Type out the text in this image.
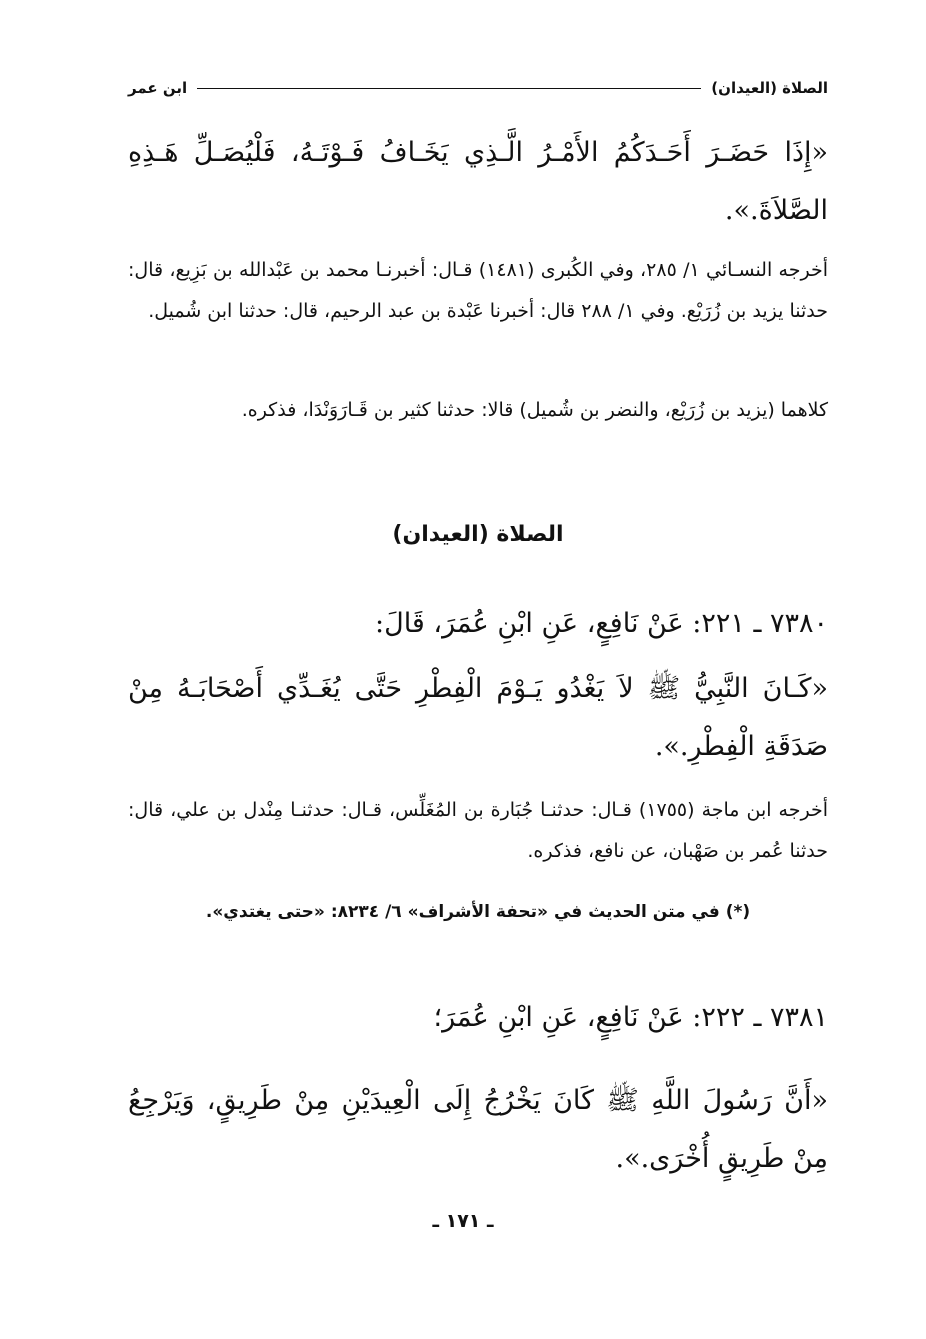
الصلاة (العيدان)
ابن عمر
«إِذَا حَضَـرَ أَحَـدَكُمُ الأَمْـرُ الَّـذِي يَخَـافُ فَـوْتَـهُ، فَلْيُصَـلِّ هَـذِهِ الصَّلاَةَ.».
أخرجه النسـائي ١/ ٢٨٥، وفي الكُبرى (١٤٨١) قـال: أخبرنـا محمد بن عَبْدالله بن بَزِيع، قال: حدثنا يزيد بن زُرَيْع. وفي ١/ ٢٨٨ قال: أخبرنا عَبْدة بن عبد الرحيم، قال: حدثنا ابن شُميل.
كلاهما (يزيد بن زُرَيْع، والنضر بن شُميل) قالا: حدثنا كثير بن قَـارَوَنْدَا، فذكره.
الصلاة (العيدان)
٧٣٨٠ ـ ٢٢١: عَنْ نَافِعٍ، عَنِ ابْنِ عُمَرَ، قَالَ:
«كَـانَ النَّبِيُّ ﷺ لاَ يَغْدُو يَـوْمَ الْفِطْرِ حَتَّى يُغَـدِّي أَصْحَابَـهُ مِنْ صَدَقَةِ الْفِطْرِ.».
أخرجه ابن ماجة (١٧٥٥) قـال: حدثنـا جُبَارة بن المُغَلِّس، قـال: حدثنـا مِنْدل بن علي، قال: حدثنا عُمر بن صَهْبان، عن نافع، فذكره.
(*) في متن الحديث في «تحفة الأشراف» ٦/ ٨٢٣٤: «حتى يغتدي».
٧٣٨١ ـ ٢٢٢: عَنْ نَافِعٍ، عَنِ ابْنِ عُمَرَ؛
«أَنَّ رَسُولَ اللَّهِ ﷺ كَانَ يَخْرُجُ إِلَى الْعِيدَيْنِ مِنْ طَرِيقٍ، وَيَرْجِعُ مِنْ طَرِيقٍ أُخْرَى.».
ـ ١٧١ ـ
